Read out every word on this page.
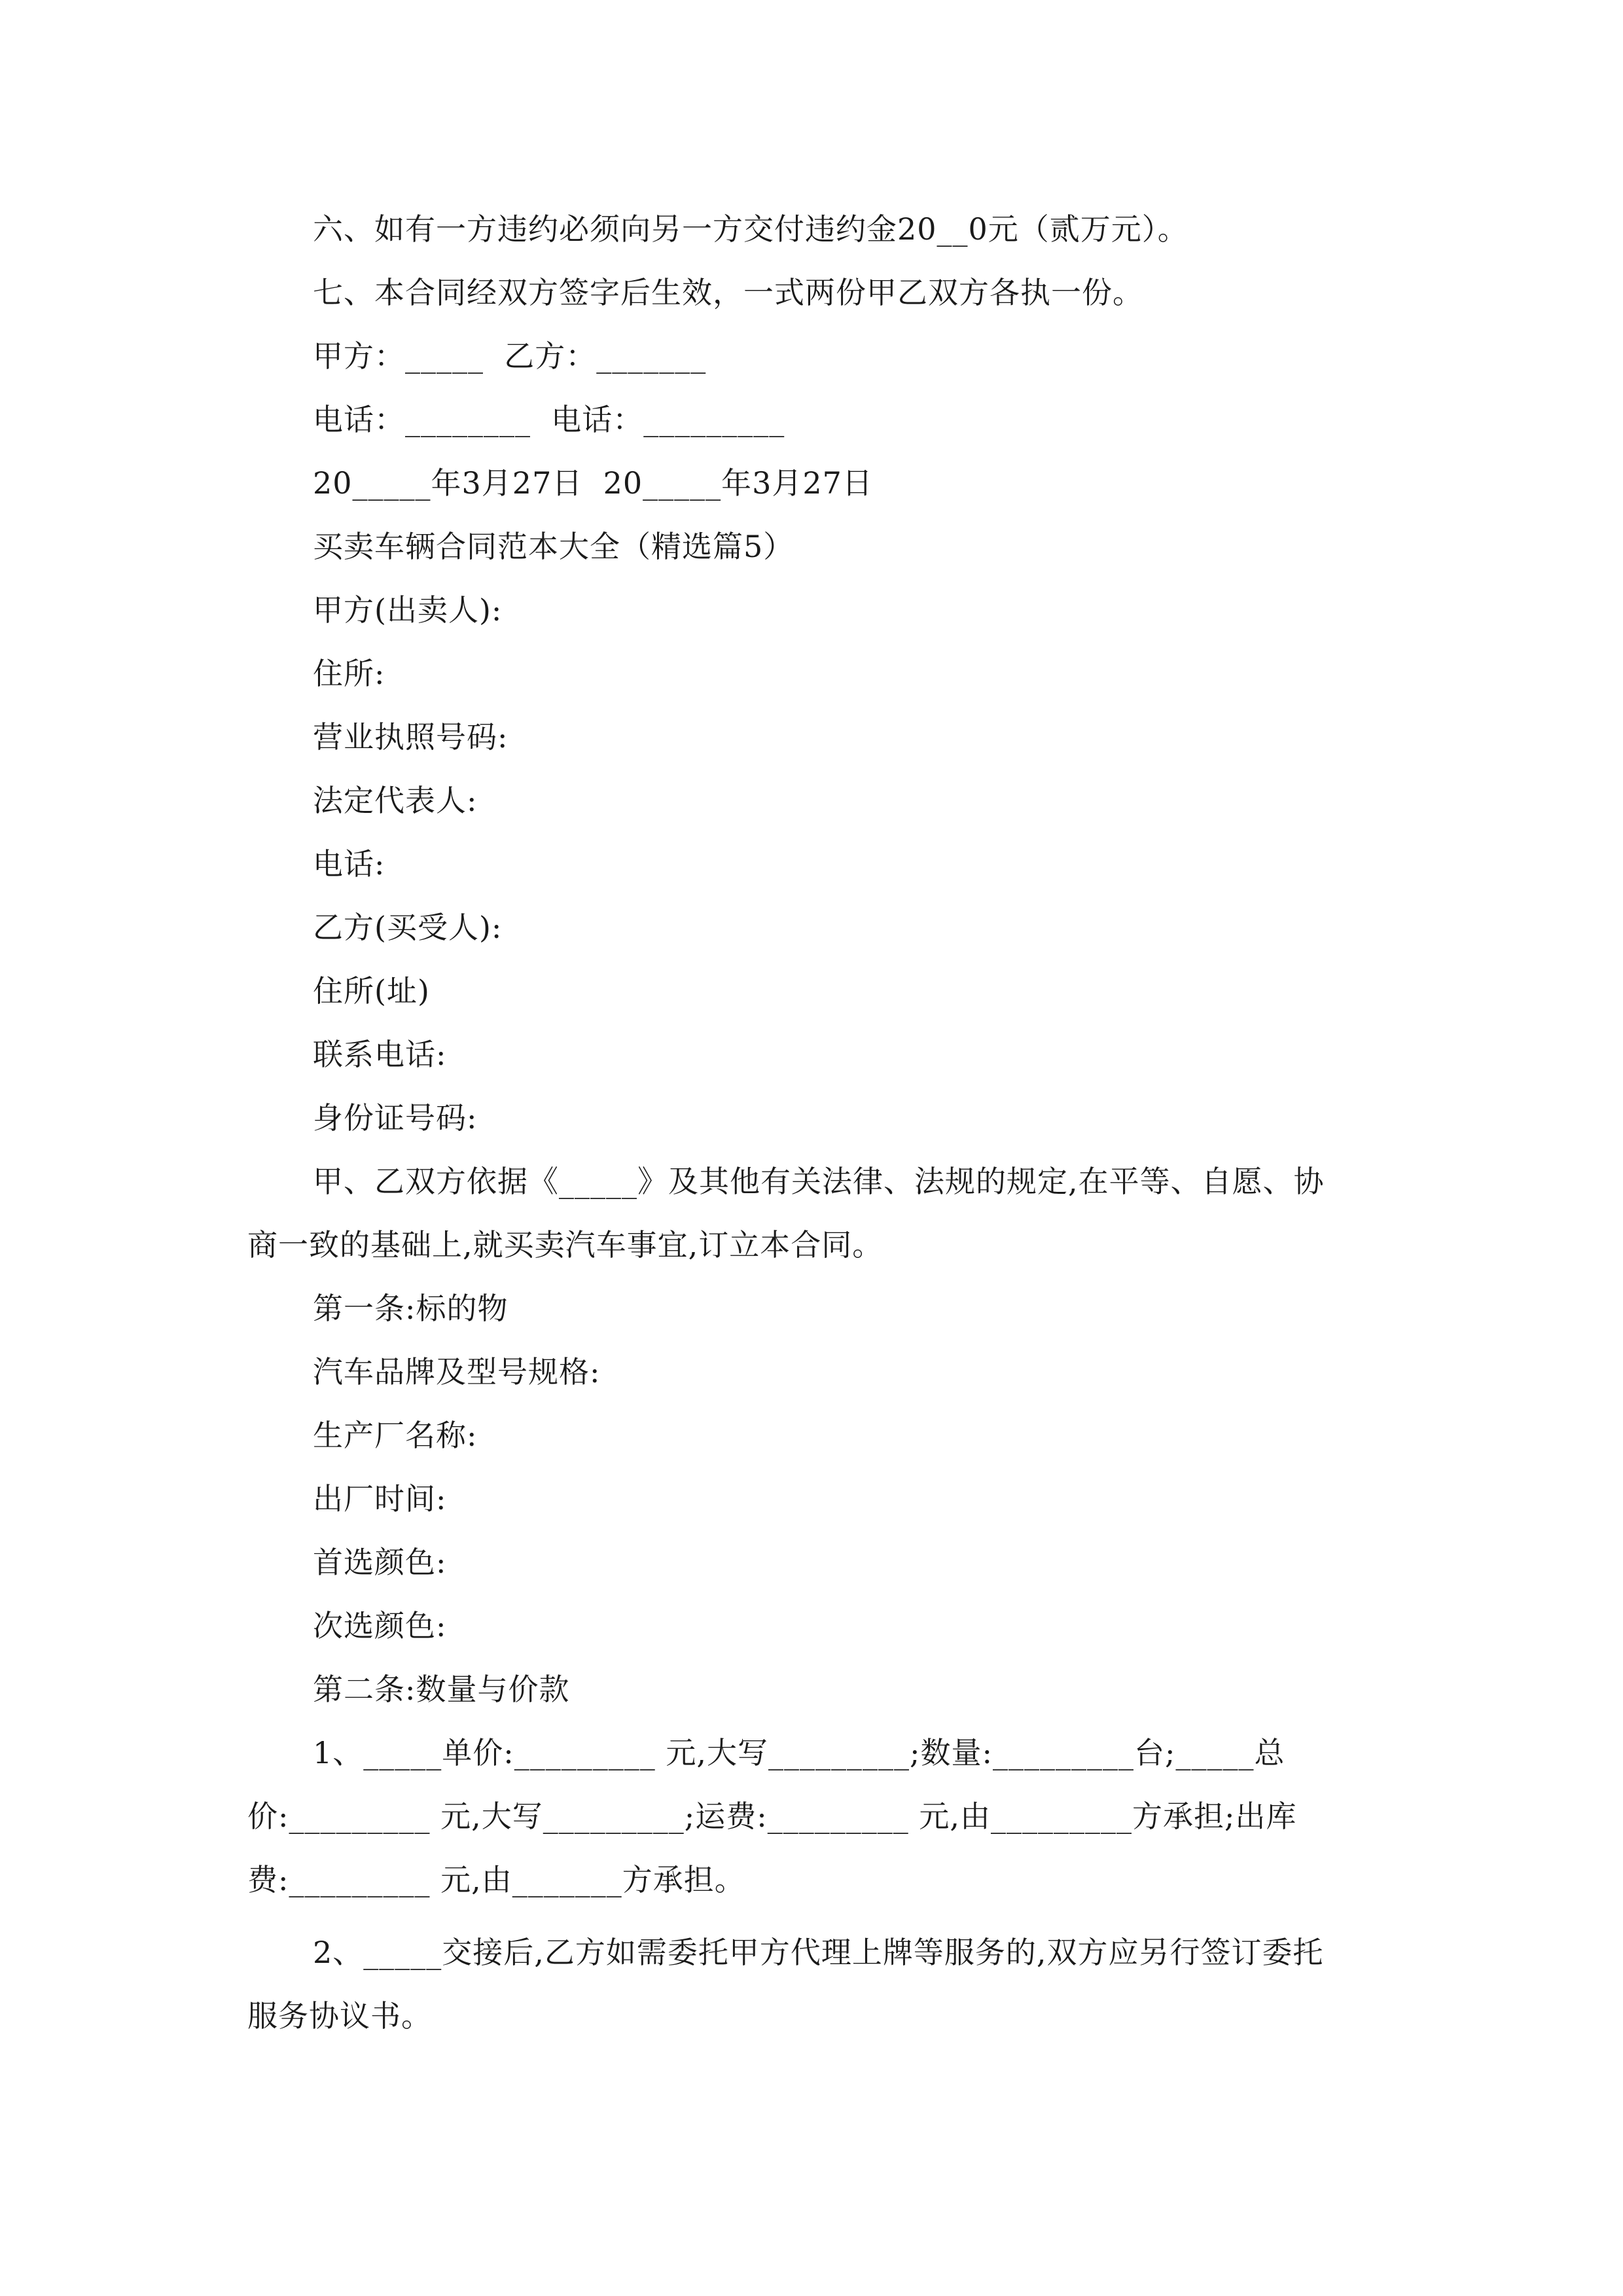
六、如有一方违约必须向另一方交付违约金20__0元（贰万元）。
七、本合同经双方签字后生效，一式两份甲乙双方各执一份。
甲方：_____  乙方：_______
电话：________  电话：_________
20_____年3月27日  20_____年3月27日
买卖车辆合同范本大全（精选篇5）
甲方(出卖人):
住所:
营业执照号码:
法定代表人:
电话:
乙方(买受人):
住所(址)
联系电话:
身份证号码:
甲、乙双方依据《_____》及其他有关法律、法规的规定,在平等、自愿、协
商一致的基础上,就买卖汽车事宜,订立本合同。
第一条:标的物
汽车品牌及型号规格:
生产厂名称:
出厂时间:
首选颜色:
次选颜色:
第二条:数量与价款
1、_____单价:_________ 元,大写_________;数量:_________台;_____总
价:_________ 元,大写_________;运费:_________ 元,由_________方承担;出库
费:_________ 元,由_______方承担。
2、_____交接后,乙方如需委托甲方代理上牌等服务的,双方应另行签订委托
服务协议书。
